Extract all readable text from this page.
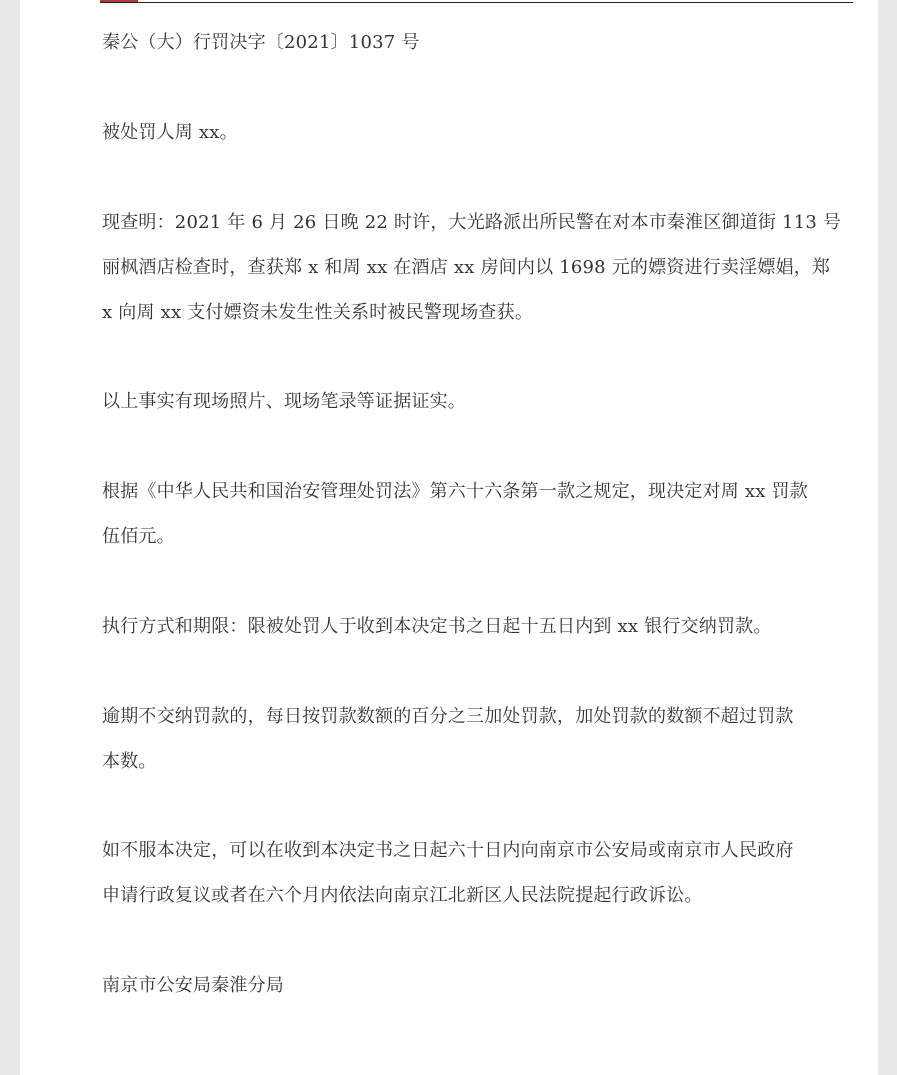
秦公（大）行罚决字〔2021〕1037 号

被处罚人周 xx。

现查明：2021 年 6 月 26 日晚 22 时许，大光路派出所民警在对本市秦淮区御道街 113 号

丽枫酒店检查时，查获郑 x 和周 xx 在酒店 xx 房间内以 1698 元的嫖资进行卖淫嫖娼，郑

x 向周 xx 支付嫖资未发生性关系时被民警现场查获。

以上事实有现场照片、现场笔录等证据证实。

根据《中华人民共和国治安管理处罚法》第六十六条第一款之规定，现决定对周 xx 罚款

伍佰元。

执行方式和期限：限被处罚人于收到本决定书之日起十五日内到 xx 银行交纳罚款。

逾期不交纳罚款的，每日按罚款数额的百分之三加处罚款，加处罚款的数额不超过罚款

本数。

如不服本决定，可以在收到本决定书之日起六十日内向南京市公安局或南京市人民政府

申请行政复议或者在六个月内依法向南京江北新区人民法院提起行政诉讼。

南京市公安局秦淮分局
